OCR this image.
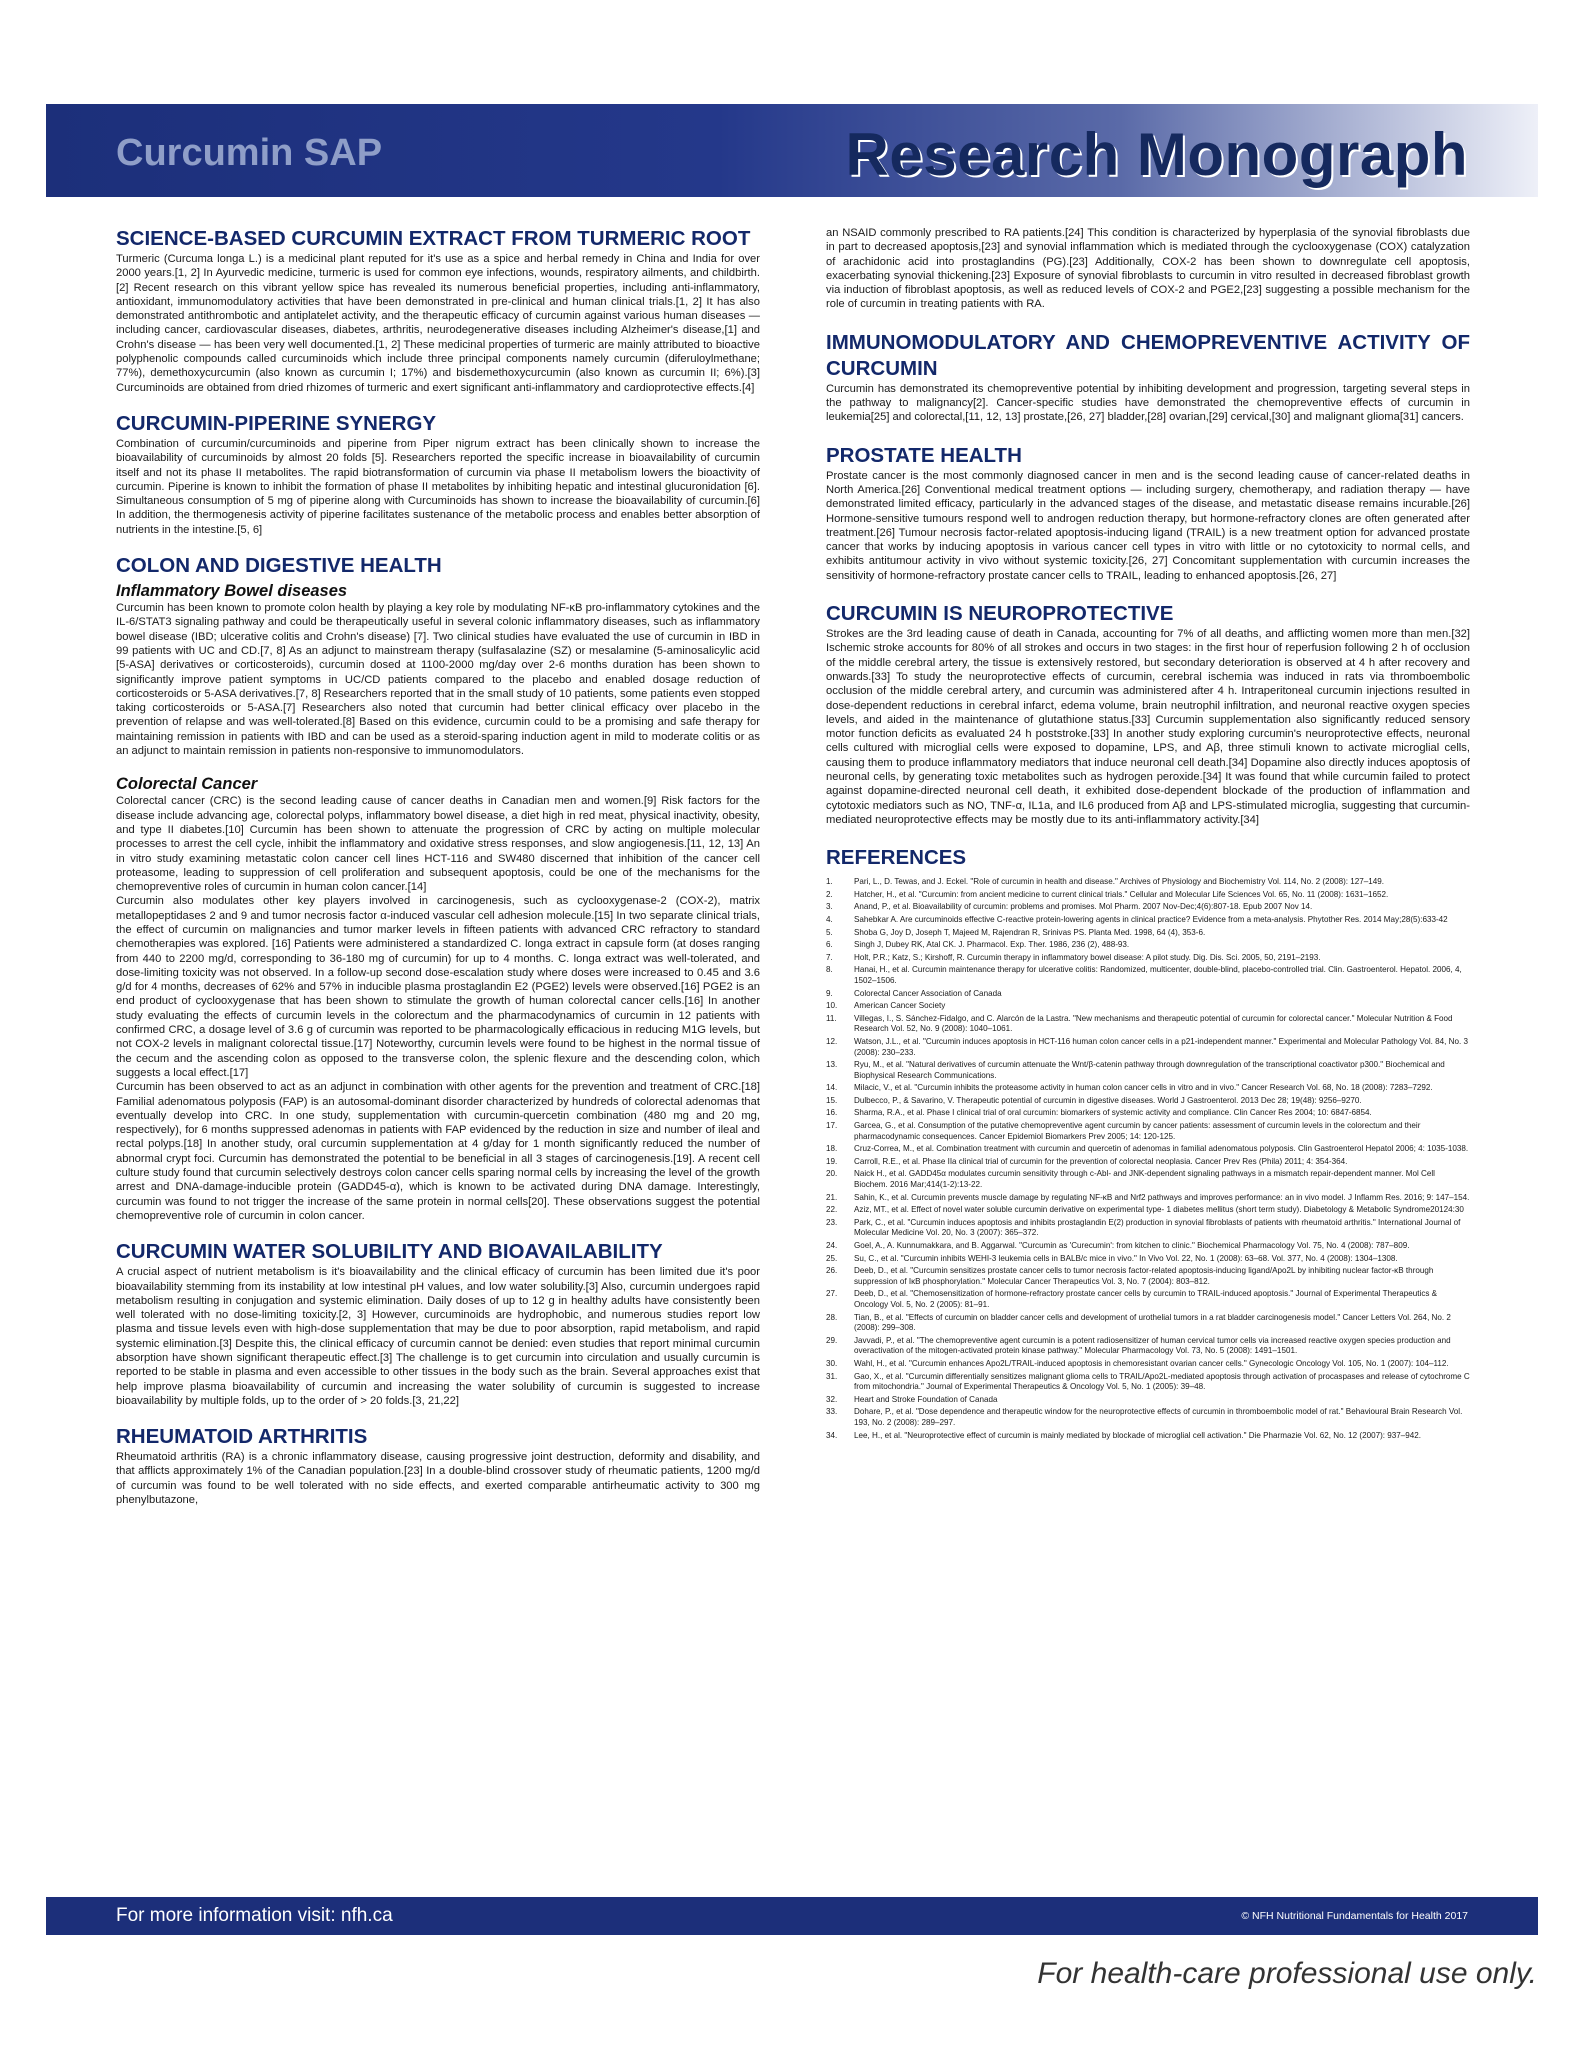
Curcumin SAP	Research Monograph
SCIENCE-BASED CURCUMIN EXTRACT FROM TURMERIC ROOT

Turmeric (Curcuma longa L.) is a medicinal plant reputed for it's use as a spice and herbal remedy in China and India for over 2000 years.[1, 2] In Ayurvedic medicine, turmeric is used for common eye infections, wounds, respiratory ailments, and childbirth.[2] Recent research on this vibrant yellow spice has revealed its numerous beneficial properties, including anti-inflammatory, antioxidant, immunomodulatory activities that have been demonstrated in pre-clinical and human clinical trials.[1, 2] It has also demonstrated antithrombotic and antiplatelet activity, and the therapeutic efficacy of curcumin against various human diseases — including cancer, cardiovascular diseases, diabetes, arthritis, neurodegenerative diseases including Alzheimer's disease,[1] and Crohn's disease — has been very well documented.[1, 2] These medicinal properties of turmeric are mainly attributed to bioactive polyphenolic compounds called curcuminoids which include three principal components namely curcumin (diferuloylmethane; 77%), demethoxycurcumin (also known as curcumin I; 17%) and bisdemethoxycurcumin (also known as curcumin II; 6%).[3] Curcuminoids are obtained from dried rhizomes of turmeric and exert significant anti-inflammatory and cardioprotective effects.[4]

CURCUMIN-PIPERINE SYNERGY

Combination of curcumin/curcuminoids and piperine from Piper nigrum extract has been clinically shown to increase the bioavailability of curcuminoids by almost 20 folds [5]. Researchers reported the specific increase in bioavailability of curcumin itself and not its phase II metabolites. The rapid biotransformation of curcumin via phase II metabolism lowers the bioactivity of curcumin. Piperine is known to inhibit the formation of phase II metabolites by inhibiting hepatic and intestinal glucuronidation [6]. Simultaneous consumption of 5 mg of piperine along with Curcuminoids has shown to increase the bioavailability of curcumin.[6] In addition, the thermogenesis activity of piperine facilitates sustenance of the metabolic process and enables better absorption of nutrients in the intestine.[5, 6]

COLON AND DIGESTIVE HEALTH
Inflammatory Bowel diseases

Curcumin has been known to promote colon health by playing a key role by modulating NF-κB pro-inflammatory cytokines and the IL-6/STAT3 signaling pathway and could be therapeutically useful in several colonic inflammatory diseases, such as inflammatory bowel disease (IBD; ulcerative colitis and Crohn's disease) [7]. Two clinical studies have evaluated the use of curcumin in IBD in 99 patients with UC and CD.[7, 8] As an adjunct to mainstream therapy (sulfasalazine (SZ) or mesalamine (5-aminosalicylic acid [5-ASA] derivatives or corticosteroids), curcumin dosed at 1100-2000 mg/day over 2-6 months duration has been shown to significantly improve patient symptoms in UC/CD patients compared to the placebo and enabled dosage reduction of corticosteroids or 5-ASA derivatives.[7, 8] Researchers reported that in the small study of 10 patients, some patients even stopped taking corticosteroids or 5-ASA.[7] Researchers also noted that curcumin had better clinical efficacy over placebo in the prevention of relapse and was well-tolerated.[8] Based on this evidence, curcumin could to be a promising and safe therapy for maintaining remission in patients with IBD and can be used as a steroid-sparing induction agent in mild to moderate colitis or as an adjunct to maintain remission in patients non-responsive to immunomodulators.

Colorectal Cancer

Colorectal cancer (CRC) is the second leading cause of cancer deaths in Canadian men and women.[9] Risk factors for the disease include advancing age, colorectal polyps, inflammatory bowel disease, a diet high in red meat, physical inactivity, obesity, and type II diabetes.[10] Curcumin has been shown to attenuate the progression of CRC by acting on multiple molecular processes to arrest the cell cycle, inhibit the inflammatory and oxidative stress responses, and slow angiogenesis.[11, 12, 13] An in vitro study examining metastatic colon cancer cell lines HCT-116 and SW480 discerned that inhibition of the cancer cell proteasome, leading to suppression of cell proliferation and subsequent apoptosis, could be one of the mechanisms for the chemopreventive roles of curcumin in human colon cancer.[14]

Curcumin also modulates other key players involved in carcinogenesis, such as cyclooxygenase-2 (COX-2), matrix metallopeptidases 2 and 9 and tumor necrosis factor α-induced vascular cell adhesion molecule.[15] In two separate clinical trials, the effect of curcumin on malignancies and tumor marker levels in fifteen patients with advanced CRC refractory to standard chemotherapies was explored. [16] Patients were administered a standardized C. longa extract in capsule form (at doses ranging from 440 to 2200 mg/d, corresponding to 36-180 mg of curcumin) for up to 4 months. C. longa extract was well-tolerated, and dose-limiting toxicity was not observed. In a follow-up second dose-escalation study where doses were increased to 0.45 and 3.6 g/d for 4 months, decreases of 62% and 57% in inducible plasma prostaglandin E2 (PGE2) levels were observed.[16] PGE2 is an end product of cyclooxygenase that has been shown to stimulate the growth of human colorectal cancer cells.[16] In another study evaluating the effects of curcumin levels in the colorectum and the pharmacodynamics of curcumin in 12 patients with confirmed CRC, a dosage level of 3.6 g of curcumin was reported to be pharmacologically efficacious in reducing M1G levels, but not COX-2 levels in malignant colorectal tissue.[17] Noteworthy, curcumin levels were found to be highest in the normal tissue of the cecum and the ascending colon as opposed to the transverse colon, the splenic flexure and the descending colon, which suggests a local effect.[17]

Curcumin has been observed to act as an adjunct in combination with other agents for the prevention and treatment of CRC.[18] Familial adenomatous polyposis (FAP) is an autosomal-dominant disorder characterized by hundreds of colorectal adenomas that eventually develop into CRC. In one study, supplementation with curcumin-quercetin combination (480 mg and 20 mg, respectively), for 6 months suppressed adenomas in patients with FAP evidenced by the reduction in size and number of ileal and rectal polyps.[18] In another study, oral curcumin supplementation at 4 g/day for 1 month significantly reduced the number of abnormal crypt foci. Curcumin has demonstrated the potential to be beneficial in all 3 stages of carcinogenesis.[19]. A recent cell culture study found that curcumin selectively destroys colon cancer cells sparing normal cells by increasing the level of the growth arrest and DNA-damage-inducible protein (GADD45-α), which is known to be activated during DNA damage. Interestingly, curcumin was found to not trigger the increase of the same protein in normal cells[20]. These observations suggest the potential chemopreventive role of curcumin in colon cancer.

CURCUMIN WATER SOLUBILITY AND BIOAVAILABILITY

A crucial aspect of nutrient metabolism is it's bioavailability and the clinical efficacy of curcumin has been limited due it's poor bioavailability stemming from its instability at low intestinal pH values, and low water solubility.[3] Also, curcumin undergoes rapid metabolism resulting in conjugation and systemic elimination. Daily doses of up to 12 g in healthy adults have consistently been well tolerated with no dose-limiting toxicity.[2, 3] However, curcuminoids are hydrophobic, and numerous studies report low plasma and tissue levels even with high-dose supplementation that may be due to poor absorption, rapid metabolism, and rapid systemic elimination.[3] Despite this, the clinical efficacy of curcumin cannot be denied: even studies that report minimal curcumin absorption have shown significant therapeutic effect.[3] The challenge is to get curcumin into circulation and usually curcumin is reported to be stable in plasma and even accessible to other tissues in the body such as the brain. Several approaches exist that help improve plasma bioavailability of curcumin and increasing the water solubility of curcumin is suggested to increase bioavailability by multiple folds, up to the order of > 20 folds.[3, 21,22]

RHEUMATOID ARTHRITIS

Rheumatoid arthritis (RA) is a chronic inflammatory disease, causing progressive joint destruction, deformity and disability, and that afflicts approximately 1% of the Canadian population.[23] In a double-blind crossover study of rheumatic patients, 1200 mg/d of curcumin was found to be well tolerated with no side effects, and exerted comparable antirheumatic activity to 300 mg phenylbutazone,

an NSAID commonly prescribed to RA patients.[24] This condition is characterized by hyperplasia of the synovial fibroblasts due in part to decreased apoptosis,[23] and synovial inflammation which is mediated through the cyclooxygenase (COX) catalyzation of arachidonic acid into prostaglandins (PG).[23] Additionally, COX-2 has been shown to downregulate cell apoptosis, exacerbating synovial thickening.[23] Exposure of synovial fibroblasts to curcumin in vitro resulted in decreased fibroblast growth via induction of fibroblast apoptosis, as well as reduced levels of COX-2 and PGE2,[23] suggesting a possible mechanism for the role of curcumin in treating patients with RA.

IMMUNOMODULATORY AND CHEMOPREVENTIVE ACTIVITY OF CURCUMIN

Curcumin has demonstrated its chemopreventive potential by inhibiting development and progression, targeting several steps in the pathway to malignancy[2]. Cancer-specific studies have demonstrated the chemopreventive effects of curcumin in leukemia[25] and colorectal,[11, 12, 13] prostate,[26, 27] bladder,[28] ovarian,[29] cervical,[30] and malignant glioma[31] cancers.

PROSTATE HEALTH

Prostate cancer is the most commonly diagnosed cancer in men and is the second leading cause of cancer-related deaths in North America.[26] Conventional medical treatment options — including surgery, chemotherapy, and radiation therapy — have demonstrated limited efficacy, particularly in the advanced stages of the disease, and metastatic disease remains incurable.[26] Hormone-sensitive tumours respond well to androgen reduction therapy, but hormone-refractory clones are often generated after treatment.[26] Tumour necrosis factor-related apoptosis-inducing ligand (TRAIL) is a new treatment option for advanced prostate cancer that works by inducing apoptosis in various cancer cell types in vitro with little or no cytotoxicity to normal cells, and exhibits antitumour activity in vivo without systemic toxicity.[26, 27] Concomitant supplementation with curcumin increases the sensitivity of hormone-refractory prostate cancer cells to TRAIL, leading to enhanced apoptosis.[26, 27]

CURCUMIN IS NEUROPROTECTIVE

Strokes are the 3rd leading cause of death in Canada, accounting for 7% of all deaths, and afflicting women more than men.[32] Ischemic stroke accounts for 80% of all strokes and occurs in two stages: in the first hour of reperfusion following 2 h of occlusion of the middle cerebral artery, the tissue is extensively restored, but secondary deterioration is observed at 4 h after recovery and onwards.[33] To study the neuroprotective effects of curcumin, cerebral ischemia was induced in rats via thromboembolic occlusion of the middle cerebral artery, and curcumin was administered after 4 h. Intraperitoneal curcumin injections resulted in dose-dependent reductions in cerebral infarct, edema volume, brain neutrophil infiltration, and neuronal reactive oxygen species levels, and aided in the maintenance of glutathione status.[33] Curcumin supplementation also significantly reduced sensory motor function deficits as evaluated 24 h poststroke.[33] In another study exploring curcumin's neuroprotective effects, neuronal cells cultured with microglial cells were exposed to dopamine, LPS, and Aβ, three stimuli known to activate microglial cells, causing them to produce inflammatory mediators that induce neuronal cell death.[34] Dopamine also directly induces apoptosis of neuronal cells, by generating toxic metabolites such as hydrogen peroxide.[34] It was found that while curcumin failed to protect against dopamine-directed neuronal cell death, it exhibited dose-dependent blockade of the production of inflammation and cytotoxic mediators such as NO, TNF-α, IL1a, and IL6 produced from Aβ and LPS-stimulated microglia, suggesting that curcumin-mediated neuroprotective effects may be mostly due to its anti-inflammatory activity.[34]

REFERENCES
1.	Pari, L., D. Tewas, and J. Eckel. "Role of curcumin in health and disease." Archives of Physiology and Biochemistry Vol. 114, No. 2 (2008): 127–149.
2.	Hatcher, H., et al. "Curcumin: from ancient medicine to current clinical trials." Cellular and Molecular Life Sciences Vol. 65, No. 11 (2008): 1631–1652.
3.	Anand, P., et al. Bioavailability of curcumin: problems and promises. Mol Pharm. 2007 Nov-Dec;4(6):807-18. Epub 2007 Nov 14.
4.	Sahebkar A. Are curcuminoids effective C-reactive protein-lowering agents in clinical practice? Evidence from a meta-analysis. Phytother Res. 2014 May;28(5):633-42
5.	Shoba G, Joy D, Joseph T, Majeed M, Rajendran R, Srinivas PS. Planta Med. 1998, 64 (4), 353-6.
6.	Singh J, Dubey RK, Atal CK. J. Pharmacol. Exp. Ther. 1986, 236 (2), 488-93.
7.	Holt, P.R.; Katz, S.; Kirshoff, R. Curcumin therapy in inflammatory bowel disease: A pilot study. Dig. Dis. Sci. 2005, 50, 2191–2193.
8.	Hanai, H., et al. Curcumin maintenance therapy for ulcerative colitis: Randomized, multicenter, double-blind, placebo-controlled trial. Clin. Gastroenterol. Hepatol. 2006, 4, 1502–1506.
9.	Colorectal Cancer Association of Canada
10.	American Cancer Society
11.	Villegas, I., S. Sánchez-Fidalgo, and C. Alarcón de la Lastra. "New mechanisms and therapeutic potential of curcumin for colorectal cancer." Molecular Nutrition & Food Research Vol. 52, No. 9 (2008): 1040–1061.
12.	Watson, J.L., et al. "Curcumin induces apoptosis in HCT-116 human colon cancer cells in a p21-independent manner." Experimental and Molecular Pathology Vol. 84, No. 3 (2008): 230–233.
13.	Ryu, M., et al. "Natural derivatives of curcumin attenuate the Wnt/β-catenin pathway through downregulation of the transcriptional coactivator p300." Biochemical and Biophysical Research Communications.
14.	Milacic, V., et al. "Curcumin inhibits the proteasome activity in human colon cancer cells in vitro and in vivo." Cancer Research Vol. 68, No. 18 (2008): 7283–7292.
15.	Dulbecco, P., & Savarino, V. Therapeutic potential of curcumin in digestive diseases. World J Gastroenterol. 2013 Dec 28; 19(48): 9256–9270.
16.	Sharma, R.A., et al. Phase I clinical trial of oral curcumin: biomarkers of systemic activity and compliance. Clin Cancer Res 2004; 10: 6847-6854.
17.	Garcea, G., et al. Consumption of the putative chemopreventive agent curcumin by cancer patients: assessment of curcumin levels in the colorectum and their pharmacodynamic consequences. Cancer Epidemiol Biomarkers Prev 2005; 14: 120-125.
18.	Cruz-Correa, M., et al. Combination treatment with curcumin and quercetin of adenomas in familial adenomatous polyposis. Clin Gastroenterol Hepatol 2006; 4: 1035-1038.
19.	Carroll, R.E., et al. Phase IIa clinical trial of curcumin for the prevention of colorectal neoplasia. Cancer Prev Res (Phila) 2011; 4: 354-364.
20.	Naick H., et al. GADD45α modulates curcumin sensitivity through c-Abl- and JNK-dependent signaling pathways in a mismatch repair-dependent manner. Mol Cell Biochem. 2016 Mar;414(1-2):13-22.
21.	Sahin, K., et al. Curcumin prevents muscle damage by regulating NF-κB and Nrf2 pathways and improves performance: an in vivo model. J Inflamm Res. 2016; 9: 147–154.
22.	Aziz, MT., et al. Effect of novel water soluble curcumin derivative on experimental type- 1 diabetes mellitus (short term study). Diabetology & Metabolic Syndrome20124:30
23.	Park, C., et al. "Curcumin induces apoptosis and inhibits prostaglandin E(2) production in synovial fibroblasts of patients with rheumatoid arthritis." International Journal of Molecular Medicine Vol. 20, No. 3 (2007): 365–372.
24.	Goel, A., A. Kunnumakkara, and B. Aggarwal. "Curcumin as 'Curecumin': from kitchen to clinic." Biochemical Pharmacology Vol. 75, No. 4 (2008): 787–809.
25.	Su, C., et al. "Curcumin inhibits WEHI-3 leukemia cells in BALB/c mice in vivo." In Vivo Vol. 22, No. 1 (2008): 63–68. Vol. 377, No. 4 (2008): 1304–1308.
26.	Deeb, D., et al. "Curcumin sensitizes prostate cancer cells to tumor necrosis factor-related apoptosis-inducing ligand/Apo2L by inhibiting nuclear factor-κB through suppression of IκB phosphorylation." Molecular Cancer Therapeutics Vol. 3, No. 7 (2004): 803–812.
27.	Deeb, D., et al. "Chemosensitization of hormone-refractory prostate cancer cells by curcumin to TRAIL-induced apoptosis." Journal of Experimental Therapeutics & Oncology Vol. 5, No. 2 (2005): 81–91.
28.	Tian, B., et al. "Effects of curcumin on bladder cancer cells and development of urothelial tumors in a rat bladder carcinogenesis model." Cancer Letters Vol. 264, No. 2 (2008): 299–308.
29.	Javvadi, P., et al. "The chemopreventive agent curcumin is a potent radiosensitizer of human cervical tumor cells via increased reactive oxygen species production and overactivation of the mitogen-activated protein kinase pathway." Molecular Pharmacology Vol. 73, No. 5 (2008): 1491–1501.
30.	Wahl, H., et al. "Curcumin enhances Apo2L/TRAIL-induced apoptosis in chemoresistant ovarian cancer cells." Gynecologic Oncology Vol. 105, No. 1 (2007): 104–112.
31.	Gao, X., et al. "Curcumin differentially sensitizes malignant glioma cells to TRAIL/Apo2L-mediated apoptosis through activation of procaspases and release of cytochrome C from mitochondria." Journal of Experimental Therapeutics & Oncology Vol. 5, No. 1 (2005): 39–48.
32.	Heart and Stroke Foundation of Canada
33.	Dohare, P., et al. "Dose dependence and therapeutic window for the neuroprotective effects of curcumin in thromboembolic model of rat." Behavioural Brain Research Vol. 193, No. 2 (2008): 289–297.
34.	Lee, H., et al. "Neuroprotective effect of curcumin is mainly mediated by blockade of microglial cell activation." Die Pharmazie Vol. 62, No. 12 (2007): 937–942.
For more information visit: nfh.ca	© NFH Nutritional Fundamentals for Health 2017
For health-care professional use only.
